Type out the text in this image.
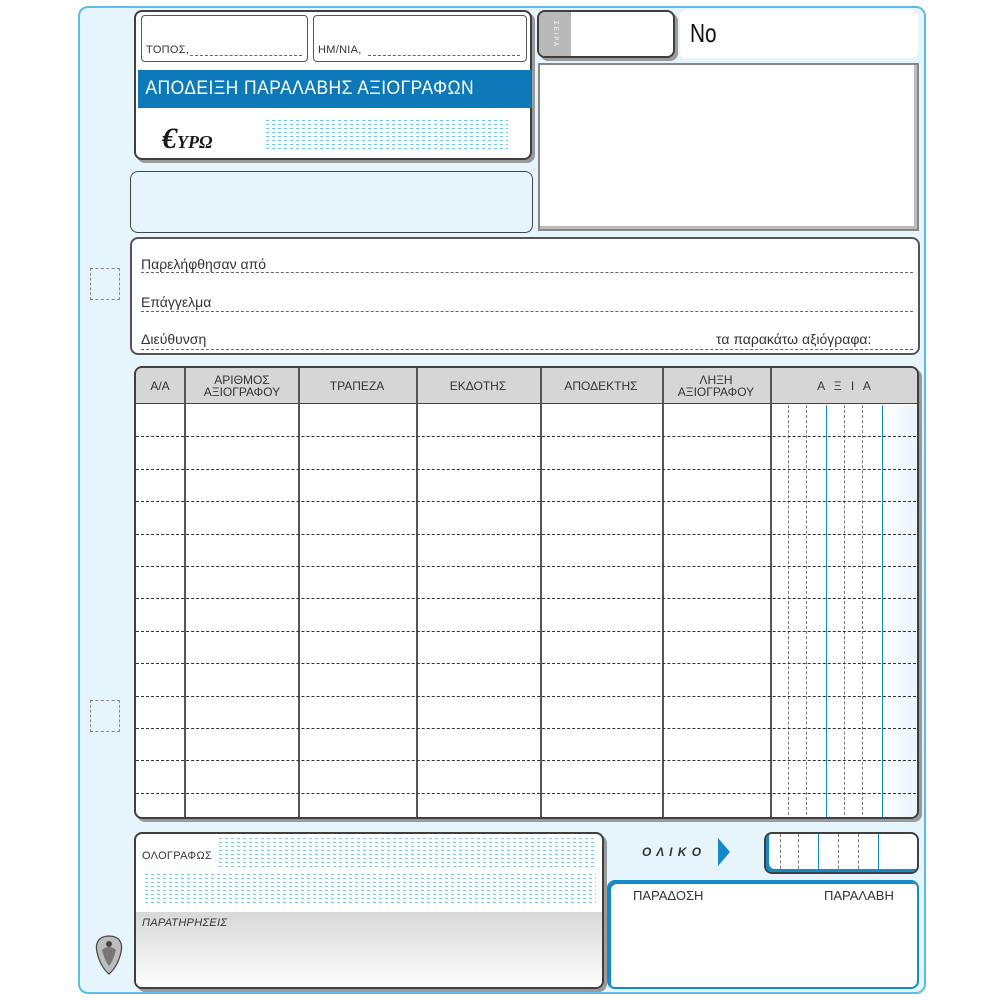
ΤΟΠΟΣ,	ΗΜ/ΝΙΑ,
ΑΠΟΔΕΙΞΗ ΠΑΡΑΛΑΒΗΣ ΑΞΙΟΓΡΑΦΩΝ
€ ΥΡΩ
ΣΕΙΡΑ	No
Παρελήφθησαν από
Επάγγελμα
Διεύθυνση	τα παρακάτω αξιόγραφα:
Α/Α	ΑΡΙΘΜΟΣ ΑΞΙΟΓΡΑΦΟΥ	ΤΡΑΠΕΖΑ	ΕΚΔΟΤΗΣ	ΑΠΟΔΕΚΤΗΣ	ΛΗΞΗ ΑΞΙΟΓΡΑΦΟΥ	Α Ξ Ι Α
ΟΛΟΓΡΑΦΩΣ
ΠΑΡΑΤΗΡΗΣΕΙΣ
Ο Λ Ι Κ Ο
ΠΑΡΑΔΟΣΗ	ΠΑΡΑΛΑΒΗ
